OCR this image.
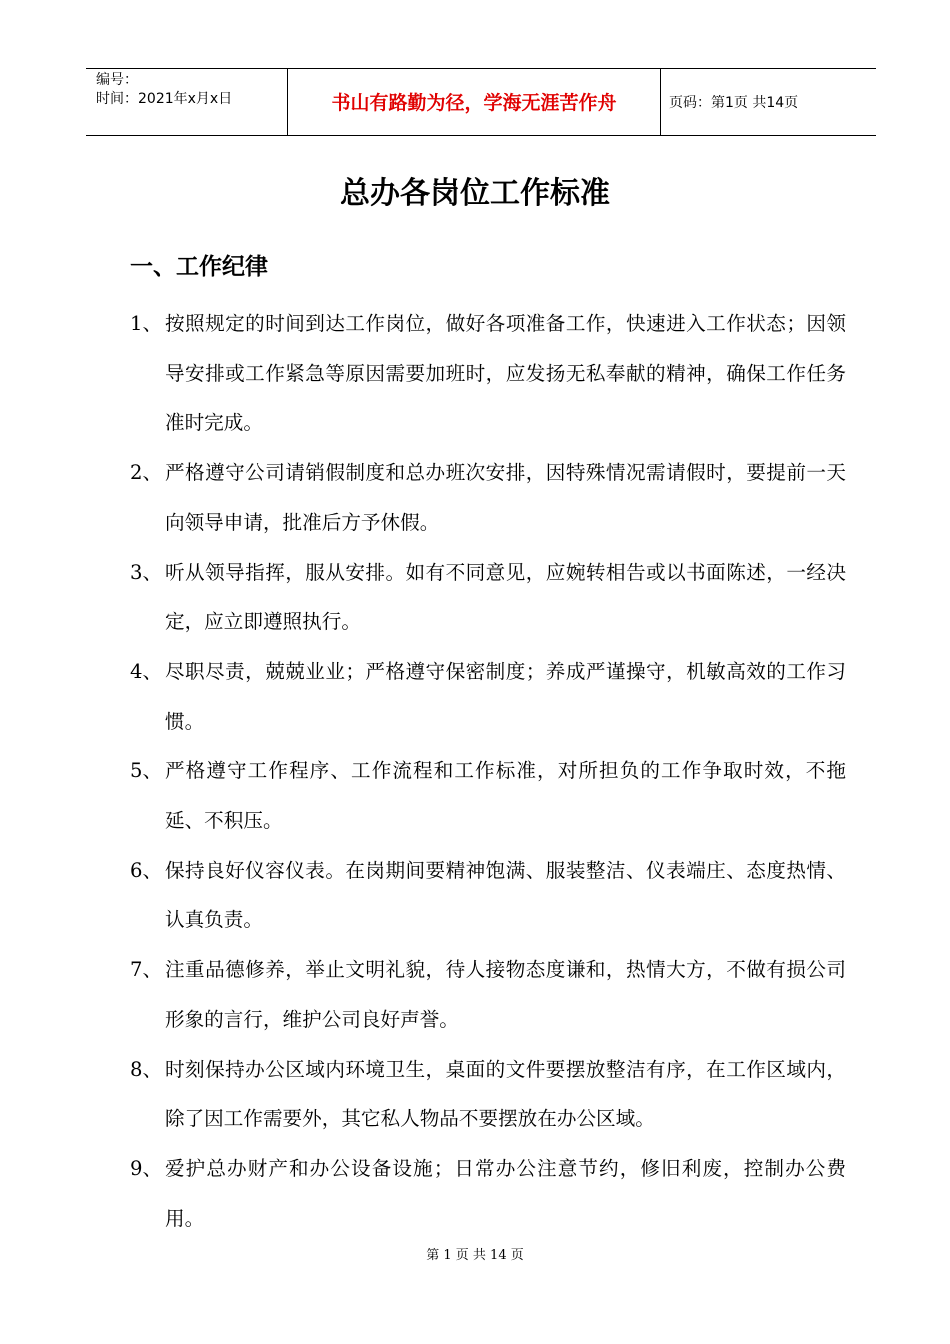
编号：
时间：2021年x月x日	书山有路勤为径，学海无涯苦作舟	页码：第1页 共14页
总办各岗位工作标准
一、工作纪律
1、 按照规定的时间到达工作岗位，做好各项准备工作，快速进入工作状态；因领导安排或工作紧急等原因需要加班时，应发扬无私奉献的精神，确保工作任务准时完成。
2、 严格遵守公司请销假制度和总办班次安排，因特殊情况需请假时，要提前一天向领导申请，批准后方予休假。
3、 听从领导指挥，服从安排。如有不同意见，应婉转相告或以书面陈述，一经决定，应立即遵照执行。
4、 尽职尽责，兢兢业业；严格遵守保密制度；养成严谨操守，机敏高效的工作习惯。
5、 严格遵守工作程序、工作流程和工作标准，对所担负的工作争取时效，不拖延、不积压。
6、 保持良好仪容仪表。在岗期间要精神饱满、服装整洁、仪表端庄、态度热情、认真负责。
7、 注重品德修养，举止文明礼貌，待人接物态度谦和，热情大方，不做有损公司形象的言行，维护公司良好声誉。
8、 时刻保持办公区域内环境卫生，桌面的文件要摆放整洁有序，在工作区域内，除了因工作需要外，其它私人物品不要摆放在办公区域。
9、 爱护总办财产和办公设备设施；日常办公注意节约，修旧利废，控制办公费用。
第 1 页 共 14 页
